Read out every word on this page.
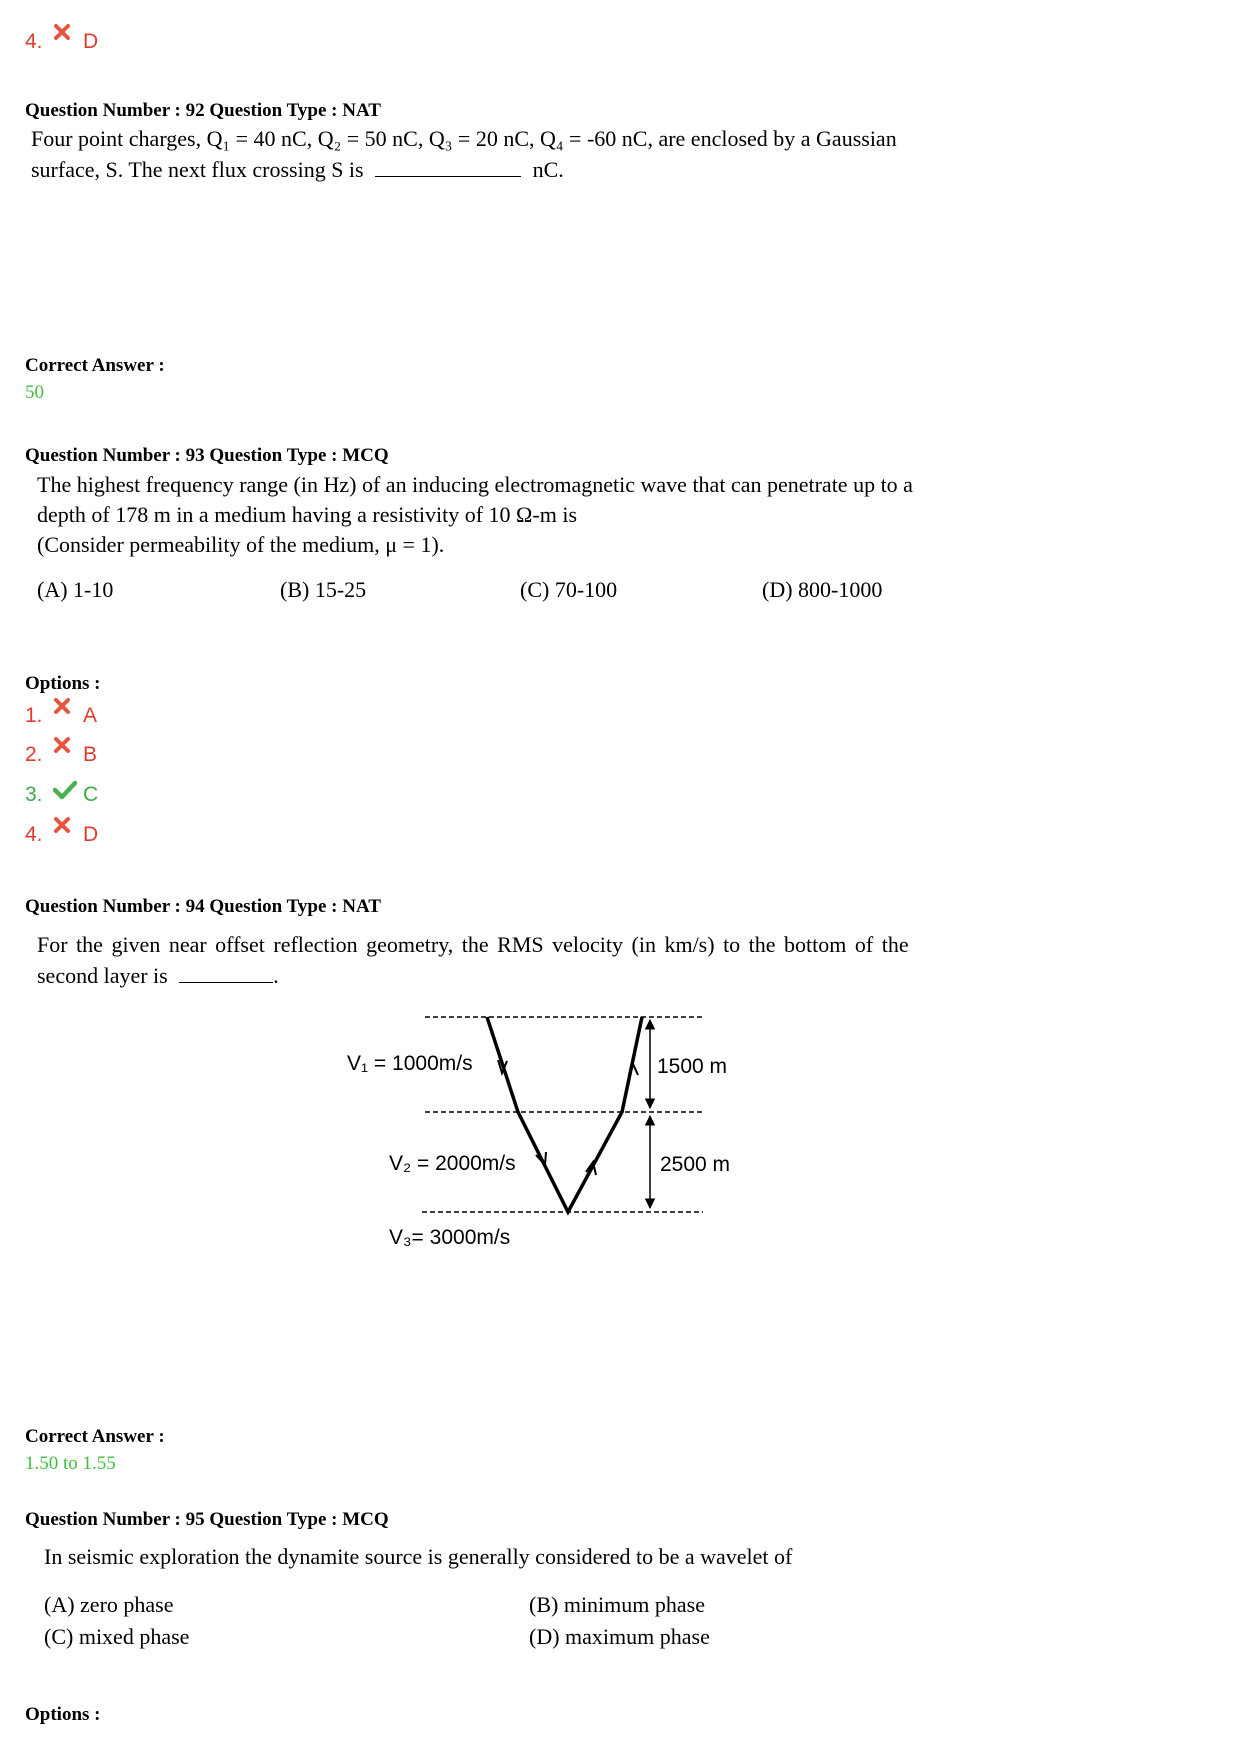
4.	D
Question Number : 92 Question Type : NAT
Four point charges, Q₁ = 40 nC, Q₂ = 50 nC, Q₃ = 20 nC, Q₄ = -60 nC, are enclosed by a Gaussian
surface, S. The next flux crossing S is	nC.
Correct Answer :
50
Question Number : 93 Question Type : MCQ
The highest frequency range (in Hz) of an inducing electromagnetic wave that can penetrate up to a
depth of 178 m in a medium having a resistivity of 10 Ω-m is
(Consider permeability of the medium, μ = 1).
(A) 1-10	(B) 15-25	(C) 70-100	(D) 800-1000
Options :
1.	A
2.	B
3.	C
4.	D
Question Number : 94 Question Type : NAT
For the given near offset reflection geometry, the RMS velocity (in km/s) to the bottom of the
second layer is	.
V₁ = 1000m/s
V₂ = 2000m/s
V₃= 3000m/s
1500 m
2500 m
Correct Answer :
1.50 to 1.55
Question Number : 95 Question Type : MCQ
In seismic exploration the dynamite source is generally considered to be a wavelet of
(A) zero phase	(B) minimum phase
(C) mixed phase	(D) maximum phase
Options :
